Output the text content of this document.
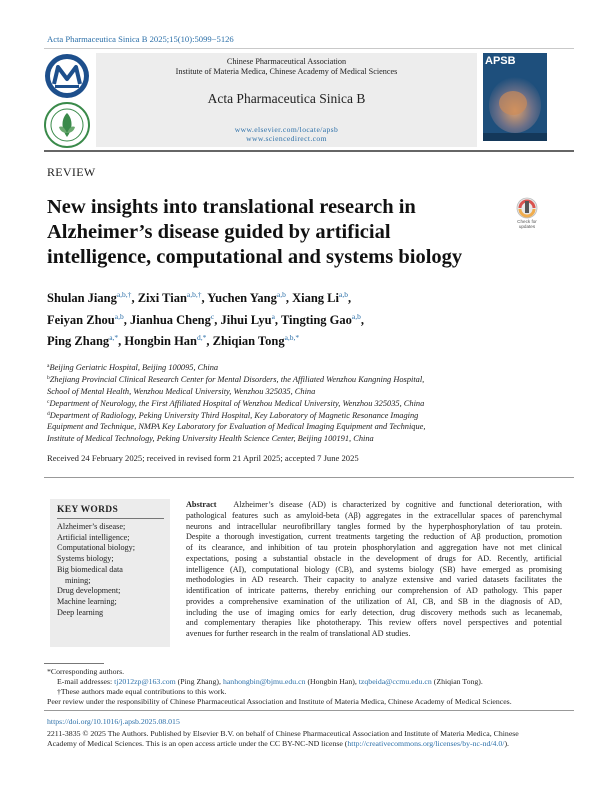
Acta Pharmaceutica Sinica B 2025;15(10):5099−5126
Chinese Pharmaceutical Association
Institute of Materia Medica, Chinese Academy of Medical Sciences
Acta Pharmaceutica Sinica B
www.elsevier.com/locate/apsb
www.sciencedirect.com
APSB
REVIEW
New insights into translational research in
Alzheimer’s disease guided by artificial
intelligence, computational and systems biology
Check for
updates
Shulan Jiang$^{a,b,\dagger}$, Zixi Tian$^{a,b,\dagger}$, Yuchen Yang$^{a,b}$, Xiang Li$^{a,b}$,
Feiyan Zhou$^{a,b}$, Jianhua Cheng$^c$, Jihui Lyu$^a$, Tingting Gao$^{a,b}$,
Ping Zhang$^{a,*}$, Hongbin Han$^{d,*}$, Zhiqian Tong$^{a,b,*}$
$^a$Beijing Geriatric Hospital, Beijing 100095, China
$^b$Zhejiang Provincial Clinical Research Center for Mental Disorders, the Affiliated Wenzhou Kangning Hospital,
School of Mental Health, Wenzhou Medical University, Wenzhou 325035, China
$^c$Department of Neurology, the First Affiliated Hospital of Wenzhou Medical University, Wenzhou 325035, China
$^d$Department of Radiology, Peking University Third Hospital, Key Laboratory of Magnetic Resonance Imaging
Equipment and Technique, NMPA Key Laboratory for Evaluation of Medical Imaging Equipment and Technique,
Institute of Medical Technology, Peking University Health Science Center, Beijing 100191, China
Received 24 February 2025; received in revised form 21 April 2025; accepted 7 June 2025
KEY WORDS
Alzheimer’s disease;
Artificial intelligence;
Computational biology;
Systems biology;
Big biomedical data
mining;
Drug development;
Machine learning;
Deep learning
Abstract Alzheimer’s disease (AD) is characterized by cognitive and functional deterioration, with
pathological features such as amyloid-beta (Aβ) aggregates in the extracellular spaces of parenchymal
neurons and intracellular neurofibrillary tangles formed by the hyperphosphorylation of tau protein.
Despite a thorough investigation, current treatments targeting the reduction of Aβ production, promotion
of its clearance, and inhibition of tau protein phosphorylation and aggregation have not met clinical
expectations, posing a substantial obstacle in the development of drugs for AD. Recently, artificial
intelligence (AI), computational biology (CB), and systems biology (SB) have emerged as promising
methodologies in AD research. Their capacity to analyze extensive and varied datasets facilitates the
identification of intricate patterns, thereby enriching our comprehension of AD pathology. This paper
provides a comprehensive examination of the utilization of AI, CB, and SB in the diagnosis of AD,
including the use of imaging omics for early detection, drug discovery methods such as lecanemab,
and complementary therapies like phototherapy. This review offers novel perspectives and potential
avenues for further research in the realm of translational AD studies.
*Corresponding authors.
E-mail addresses: tj2012zp@163.com (Ping Zhang), hanhongbin@bjmu.edu.cn (Hongbin Han), tzqbeida@ccmu.edu.cn (Zhiqian Tong).
†These authors made equal contributions to this work.
Peer review under the responsibility of Chinese Pharmaceutical Association and Institute of Materia Medica, Chinese Academy of Medical Sciences.
https://doi.org/10.1016/j.apsb.2025.08.015
2211-3835 © 2025 The Authors. Published by Elsevier B.V. on behalf of Chinese Pharmaceutical Association and Institute of Materia Medica, Chinese
Academy of Medical Sciences. This is an open access article under the CC BY-NC-ND license (http://creativecommons.org/licenses/by-nc-nd/4.0/).
